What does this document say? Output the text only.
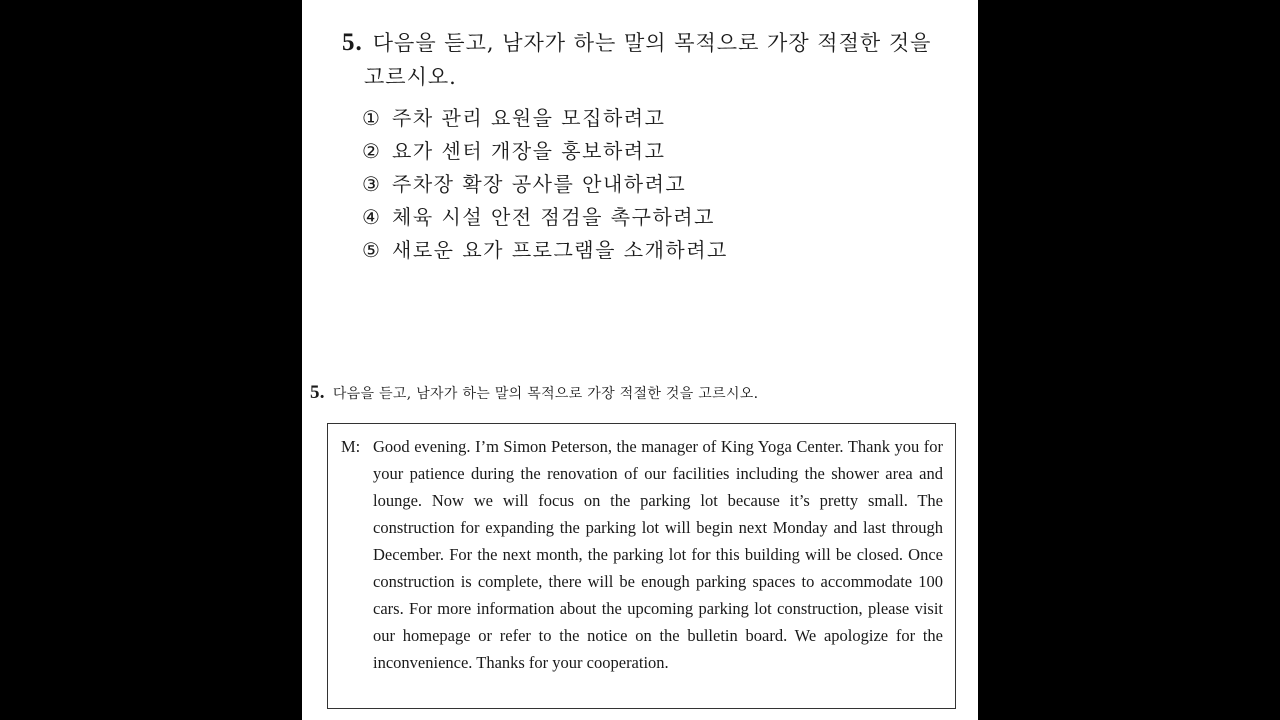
5. 다음을 듣고, 남자가 하는 말의 목적으로 가장 적절한 것을
고르시오.
① 주차 관리 요원을 모집하려고
② 요가 센터 개장을 홍보하려고
③ 주차장 확장 공사를 안내하려고
④ 체육 시설 안전 점검을 촉구하려고
⑤ 새로운 요가 프로그램을 소개하려고
5. 다음을 듣고, 남자가 하는 말의 목적으로 가장 적절한 것을 고르시오.
M: Good evening. I’m Simon Peterson, the manager of King Yoga Center. Thank you for your patience during the renovation of our facilities including the shower area and lounge. Now we will focus on the parking lot because it’s pretty small. The construction for expanding the parking lot will begin next Monday and last through December. For the next month, the parking lot for this building will be closed. Once construction is complete, there will be enough parking spaces to accommodate 100 cars. For more information about the upcoming parking lot construction, please visit our homepage or refer to the notice on the bulletin board. We apologize for the inconvenience. Thanks for your cooperation.
